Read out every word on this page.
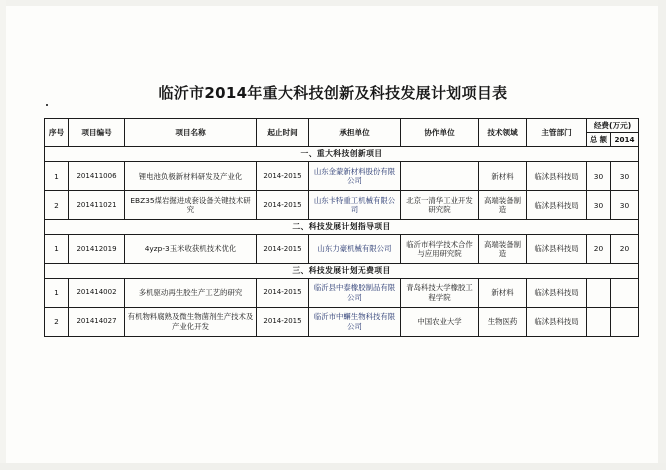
临沂市2014年重大科技创新及科技发展计划项目表
序号	项目编号	项目名称	起止时间	承担单位	协作单位	技术领域	主管部门	经费(万元)	
								总 额	2014
一、重大科技创新项目									
1	201411006	锂电池负极新材料研发及产业化	2014-2015	山东金蒙新材料股份有限公司		新材料	临沭县科技局	30	30
2	201411021	EBZ35煤岩掘进成套设备关键技术研究	2014-2015	山东卡特重工机械有限公司	北京一清华工业开发研究院	高端装备制造	临沭县科技局	30	30
二、科技发展计划指导项目									
1	201412019	4yzp-3玉米收获机技术优化	2014-2015	山东力豪机械有限公司	临沂市科学技术合作与应用研究院	高端装备制造	临沭县科技局	20	20
三、科技发展计划无费项目									
1	201414002	多机驱动再生胶生产工艺的研究	2014-2015	临沂县中泰橡胶制品有限公司	青岛科技大学橡胶工程学院	新材料	临沭县科技局		
2	201414027	有机物料腐熟及微生物菌剂生产技术及产业化开发	2014-2015	临沂市中蠏生物科技有限公司	中国农业大学	生物医药	临沭县科技局		
